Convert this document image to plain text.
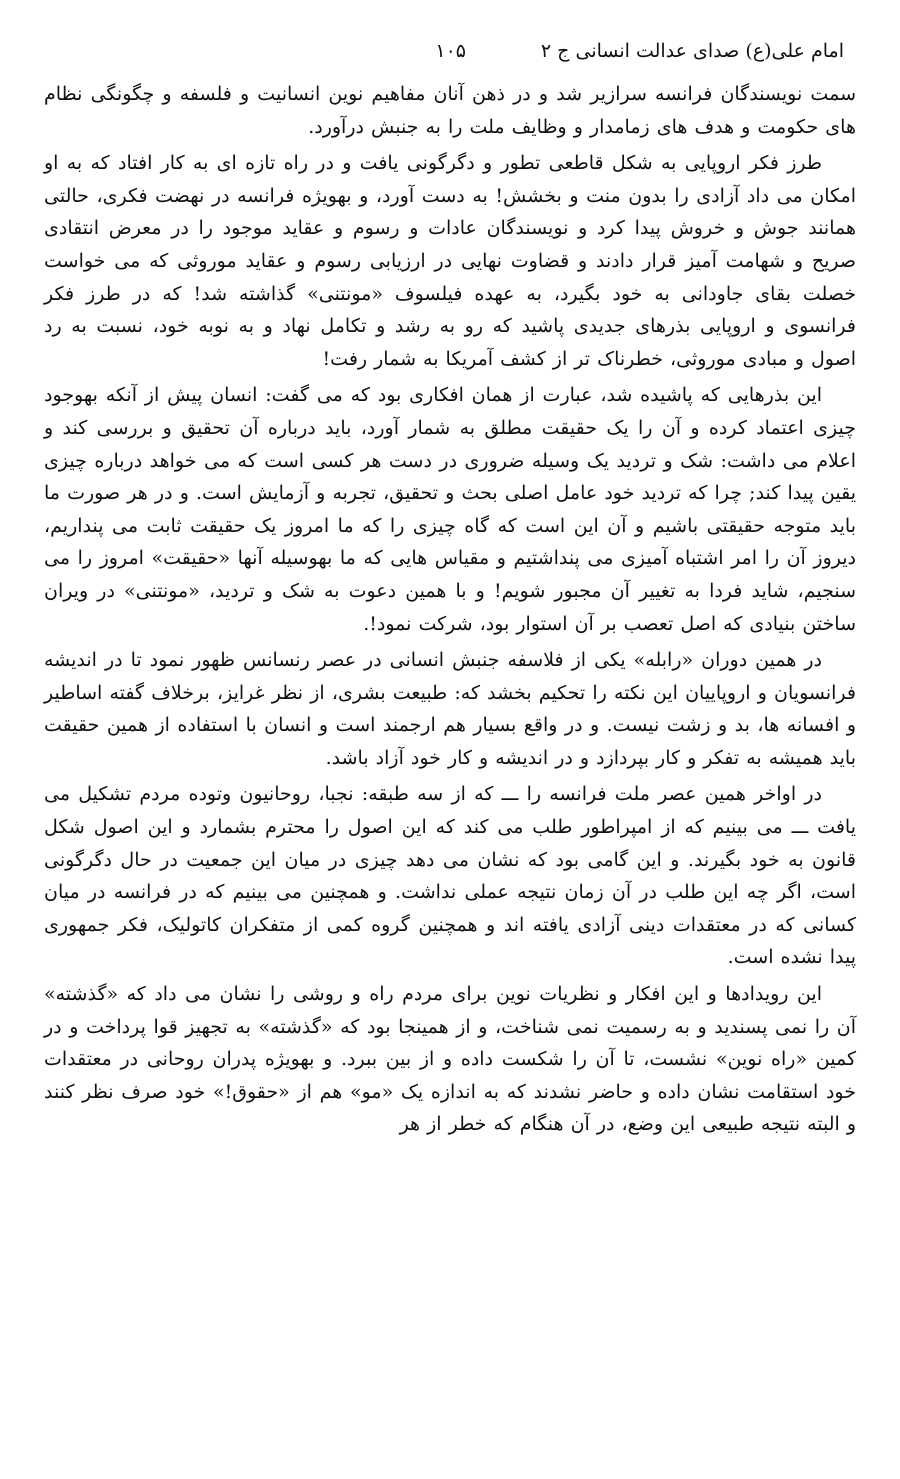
امام علی(ع) صدای عدالت انسانی ج ۲
۱۰۵

سمت نویسندگان فرانسه سرازیر شد و در ذهن آنان مفاهیم نوین انسانیت و فلسفه و چگونگی نظام های حکومت و هدف های زمامدار و وظایف ملت را به جنبش درآورد.

طرز فکر اروپایی به شکل قاطعی تطور و دگرگونی یافت و در راه تازه ای به کار افتاد که به او امکان می داد آزادی را بدون منت و بخشش! به دست آورد، و بهویژه فرانسه در نهضت فکری، حالتی همانند جوش و خروش پیدا کرد و نویسندگان عادات و رسوم و عقاید موجود را در معرض انتقادی صریح و شهامت آمیز قرار دادند و قضاوت نهایی در ارزیابی رسوم و عقاید موروثی که می خواست خصلت بقای جاودانی به خود بگیرد، به عهده فیلسوف «مونتنی» گذاشته شد! که در طرز فکر فرانسوی و اروپایی بذرهای جدیدی پاشید که رو به رشد و تکامل نهاد و به نوبه خود، نسبت به رد اصول و مبادی موروثی، خطرناک تر از کشف آمریکا به شمار رفت!

این بذرهایی که پاشیده شد، عبارت از همان افکاری بود که می گفت: انسان پیش از آنکه بهوجود چیزی اعتماد کرده و آن را یک حقیقت مطلق به شمار آورد، باید درباره آن تحقیق و بررسی کند و اعلام می داشت: شک و تردید یک وسیله ضروری در دست هر کسی است که می خواهد درباره چیزی یقین پیدا کند; چرا که تردید خود عامل اصلی بحث و تحقیق، تجربه و آزمایش است. و در هر صورت ما باید متوجه حقیقتی باشیم و آن این است که گاه چیزی را که ما امروز یک حقیقت ثابت می پنداریم، دیروز آن را امر اشتباه آمیزی می پنداشتیم و مقیاس هایی که ما بهوسیله آنها «حقیقت» امروز را می سنجیم، شاید فردا به تغییر آن مجبور شویم! و با همین دعوت به شک و تردید، «مونتنی» در ویران ساختن بنیادی که اصل تعصب بر آن استوار بود، شرکت نمود!.

در همین دوران «رابله» یکی از فلاسفه جنبش انسانی در عصر رنسانس ظهور نمود تا در اندیشه فرانسویان و اروپاییان این نکته را تحکیم بخشد که: طبیعت بشری، از نظر غرایز، برخلاف گفته اساطیر و افسانه ها، بد و زشت نیست. و در واقع بسیار هم ارجمند است و انسان با استفاده از همین حقیقت باید همیشه به تفکر و کار بپردازد و در اندیشه و کار خود آزاد باشد.

در اواخر همین عصر ملت فرانسه را ـــ که از سه طبقه: نجبا، روحانیون وتوده مردم تشکیل می یافت ـــ می بینیم که از امپراطور طلب می کند که این اصول را محترم بشمارد و این اصول شکل قانون به خود بگیرند. و این گامی بود که نشان می دهد چیزی در میان این جمعیت در حال دگرگونی است، اگر چه این طلب در آن زمان نتیجه عملی نداشت. و همچنین می بینیم که در فرانسه در میان کسانی که در معتقدات دینی آزادی یافته اند و همچنین گروه کمی از متفکران کاتولیک، فکر جمهوری پیدا نشده است.

این رویدادها و این افکار و نظریات نوین برای مردم راه و روشی را نشان می داد که «گذشته» آن را نمی پسندید و به رسمیت نمی شناخت، و از همینجا بود که «گذشته» به تجهیز قوا پرداخت و در کمین «راه نوین» نشست، تا آن را شکست داده و از بین ببرد. و بهویژه پدران روحانی در معتقدات خود استقامت نشان داده و حاضر نشدند که به اندازه یک «مو» هم از «حقوق!» خود صرف نظر کنند و البته نتیجه طبیعی این وضع، در آن هنگام که خطر از هر
